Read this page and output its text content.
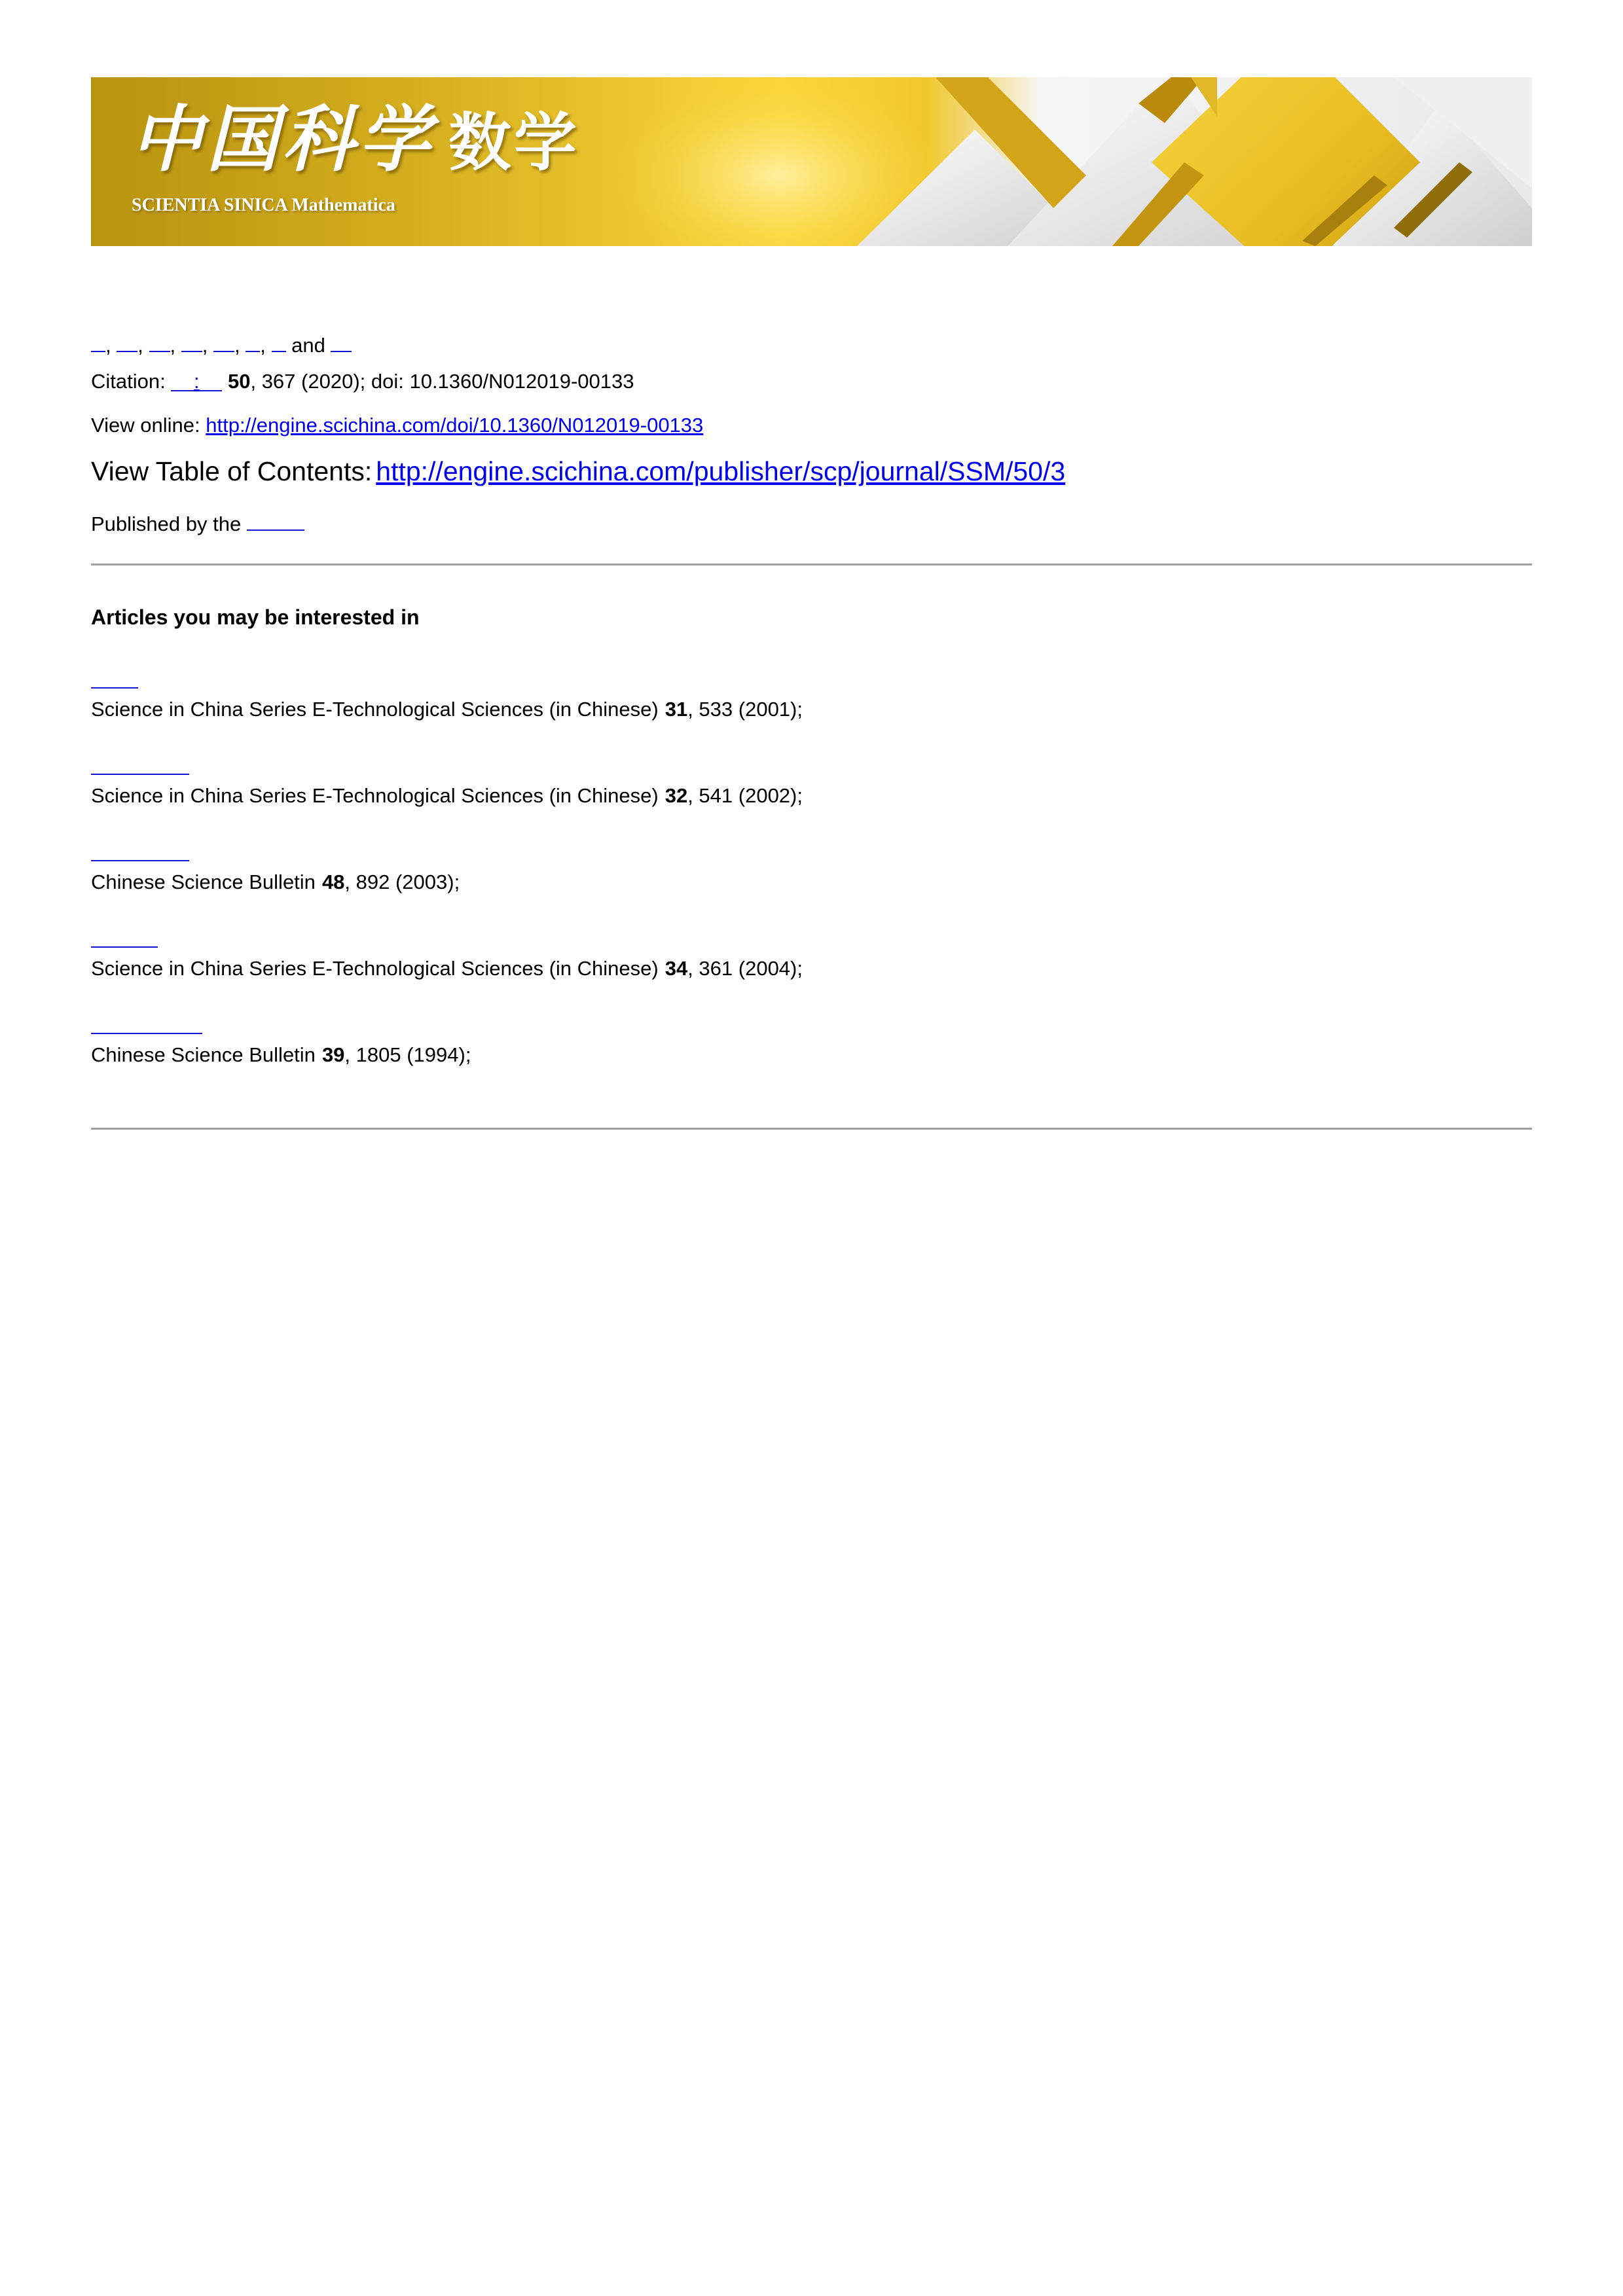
中国科学 数学
SCIENTIA SINICA Mathematica
, , , , , , and
Citation: : 50, 367 (2020); doi: 10.1360/N012019-00133
View online: http://engine.scichina.com/doi/10.1360/N012019-00133
View Table of Contents: http://engine.scichina.com/publisher/scp/journal/SSM/50/3
Published by the
Articles you may be interested in
Science in China Series E-Technological Sciences (in Chinese) 31, 533 (2001);
Science in China Series E-Technological Sciences (in Chinese) 32, 541 (2002);
Chinese Science Bulletin 48, 892 (2003);
Science in China Series E-Technological Sciences (in Chinese) 34, 361 (2004);
Chinese Science Bulletin 39, 1805 (1994);
